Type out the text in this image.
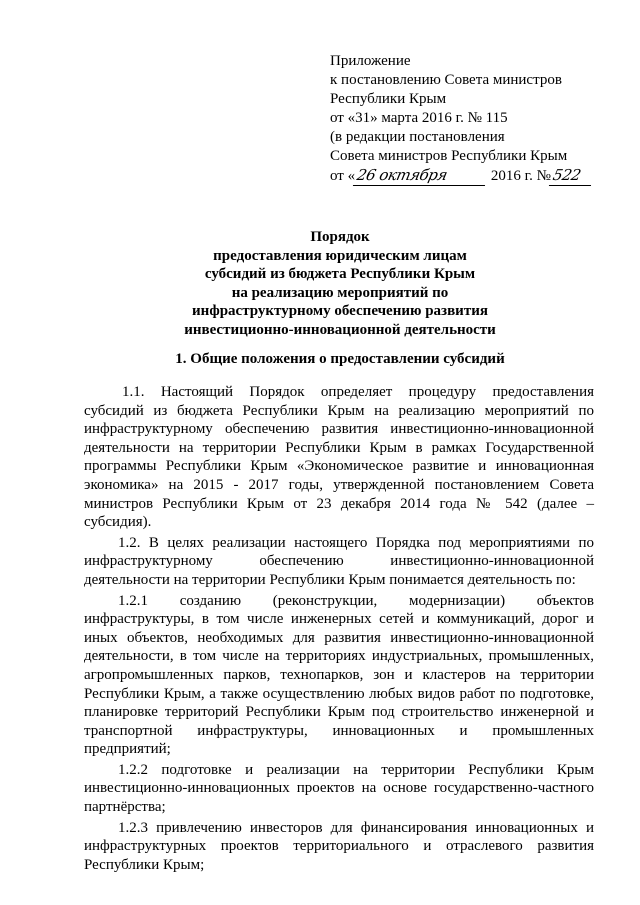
Приложение
к постановлению Совета министров
Республики Крым
от «31» марта 2016 г. № 115
(в редакции постановления
Совета министров Республики Крым
от «26 октября	2016 г. №522
Порядок
предоставления юридическим лицам
субсидий из бюджета Республики Крым
на реализацию мероприятий по
инфраструктурному обеспечению развития
инвестиционно-инновационной деятельности
1. Общие положения о предоставлении субсидий

1.1. Настоящий Порядок определяет процедуру предоставления субсидий из бюджета Республики Крым на реализацию мероприятий по инфраструктурному обеспечению развития инвестиционно-инновационной деятельности на территории Республики Крым в рамках Государственной программы Республики Крым «Экономическое развитие и инновационная экономика» на 2015 - 2017 годы, утвержденной постановлением Совета министров Республики Крым от 23 декабря 2014 года № 542 (далее – субсидия).

1.2. В целях реализации настоящего Порядка под мероприятиями по инфраструктурному обеспечению инвестиционно-инновационной деятельности на территории Республики Крым понимается деятельность по:

1.2.1 созданию (реконструкции, модернизации) объектов инфраструктуры, в том числе инженерных сетей и коммуникаций, дорог и иных объектов, необходимых для развития инвестиционно-инновационной деятельности, в том числе на территориях индустриальных, промышленных, агропромышленных парков, технопарков, зон и кластеров на территории Республики Крым, а также осуществлению любых видов работ по подготовке, планировке территорий Республики Крым под строительство инженерной и транспортной инфраструктуры, инновационных и промышленных предприятий;

1.2.2 подготовке и реализации на территории Республики Крым инвестиционно-инновационных проектов на основе государственно-частного партнёрства;

1.2.3 привлечению инвесторов для финансирования инновационных и инфраструктурных проектов территориального и отраслевого развития Республики Крым;
